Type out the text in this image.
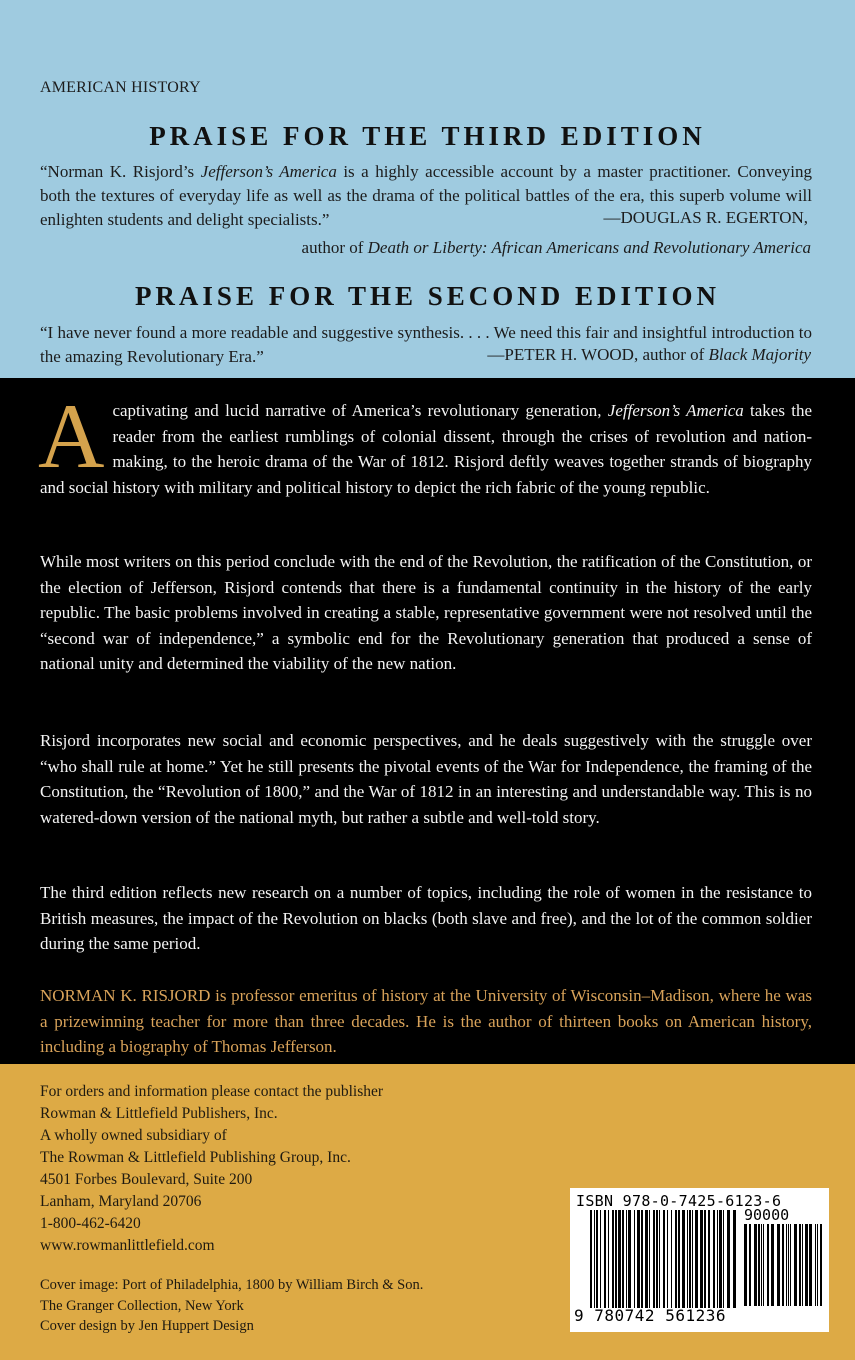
AMERICAN HISTORY
PRAISE FOR THE THIRD EDITION
“Norman K. Risjord’s Jefferson’s America is a highly accessible account by a master practitioner. Conveying both the textures of everyday life as well as the drama of the political battles of the era, this superb volume will enlighten students and delight specialists.”	—DOUGLAS R. EGERTON,
author of Death or Liberty: African Americans and Revolutionary America
PRAISE FOR THE SECOND EDITION
“I have never found a more readable and suggestive synthesis. . . . We need this fair and insightful introduction to the amazing Revolutionary Era.”	—PETER H. WOOD, author of Black Majority
A captivating and lucid narrative of America’s revolutionary generation, Jefferson’s America takes the reader from the earliest rumblings of colonial dissent, through the crises of revolution and nation-making, to the heroic drama of the War of 1812. Risjord deftly weaves together strands of biography and social history with military and political history to depict the rich fabric of the young republic.
While most writers on this period conclude with the end of the Revolution, the ratification of the Constitution, or the election of Jefferson, Risjord contends that there is a fundamental continuity in the history of the early republic. The basic problems involved in creating a stable, representative government were not resolved until the “second war of independence,” a symbolic end for the Revolutionary generation that produced a sense of national unity and determined the viability of the new nation.
Risjord incorporates new social and economic perspectives, and he deals suggestively with the struggle over “who shall rule at home.” Yet he still presents the pivotal events of the War for Independence, the framing of the Constitution, the “Revolution of 1800,” and the War of 1812 in an interesting and understandable way. This is no watered-down version of the national myth, but rather a subtle and well-told story.
The third edition reflects new research on a number of topics, including the role of women in the resistance to British measures, the impact of the Revolution on blacks (both slave and free), and the lot of the common soldier during the same period.
NORMAN K. RISJORD is professor emeritus of history at the University of Wisconsin–Madison, where he was a prizewinning teacher for more than three decades. He is the author of thirteen books on American history, including a biography of Thomas Jefferson.
For orders and information please contact the publisher
Rowman & Littlefield Publishers, Inc.
A wholly owned subsidiary of
The Rowman & Littlefield Publishing Group, Inc.
4501 Forbes Boulevard, Suite 200
Lanham, Maryland 20706
1-800-462-6420
www.rowmanlittlefield.com
Cover image: Port of Philadelphia, 1800 by William Birch & Son.
The Granger Collection, New York
Cover design by Jen Huppert Design
ISBN 978-0-7425-6123-6
90000
9 780742 561236
